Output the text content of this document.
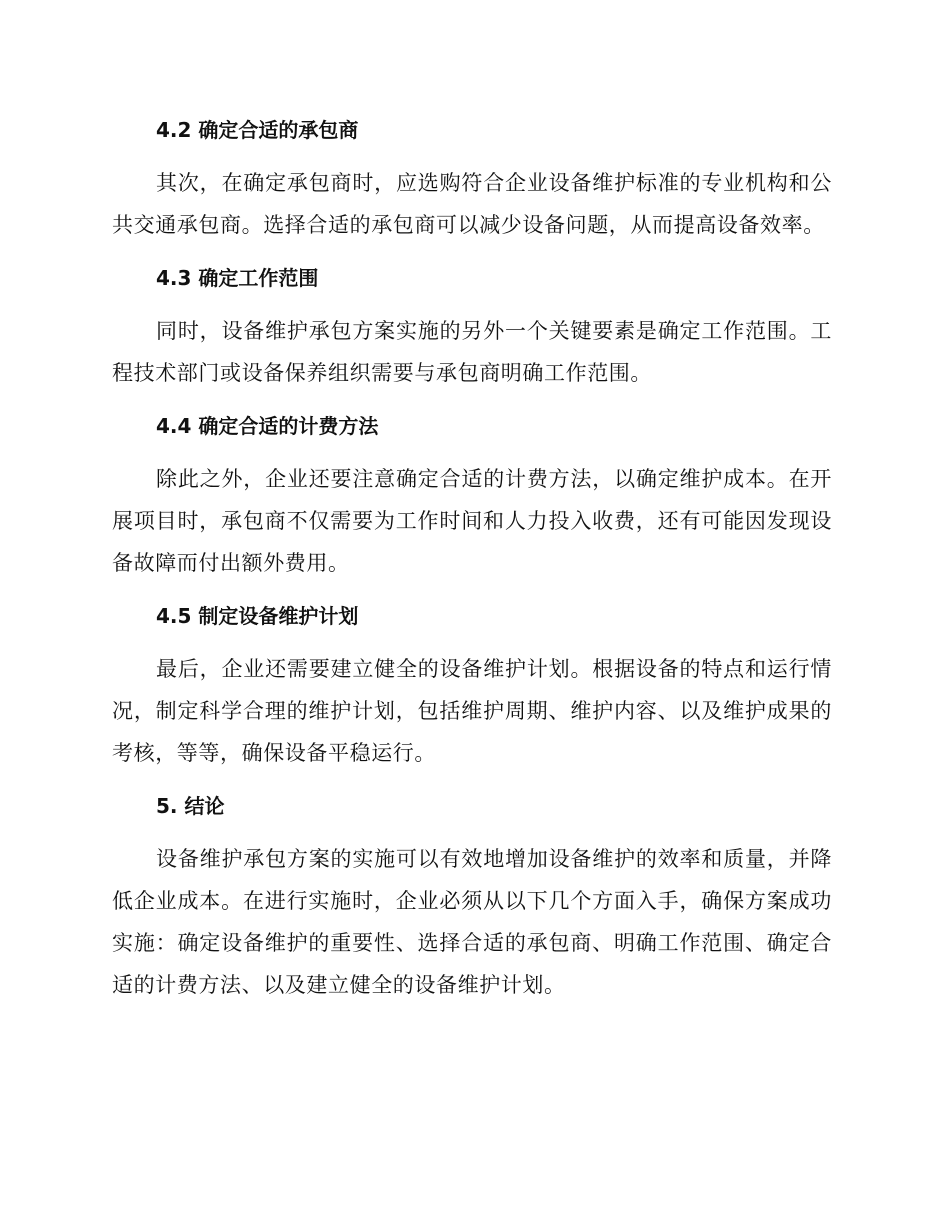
4.2 确定合适的承包商

其次，在确定承包商时，应选购符合企业设备维护标准的专业机构和公共交通承包商。选择合适的承包商可以减少设备问题，从而提高设备效率。

4.3 确定工作范围

同时，设备维护承包方案实施的另外一个关键要素是确定工作范围。工程技术部门或设备保养组织需要与承包商明确工作范围。

4.4 确定合适的计费方法

除此之外，企业还要注意确定合适的计费方法，以确定维护成本。在开展项目时，承包商不仅需要为工作时间和人力投入收费，还有可能因发现设备故障而付出额外费用。

4.5 制定设备维护计划

最后，企业还需要建立健全的设备维护计划。根据设备的特点和运行情况，制定科学合理的维护计划，包括维护周期、维护内容、以及维护成果的考核，等等，确保设备平稳运行。

5. 结论

设备维护承包方案的实施可以有效地增加设备维护的效率和质量，并降低企业成本。在进行实施时，企业必须从以下几个方面入手，确保方案成功实施：确定设备维护的重要性、选择合适的承包商、明确工作范围、确定合适的计费方法、以及建立健全的设备维护计划。
